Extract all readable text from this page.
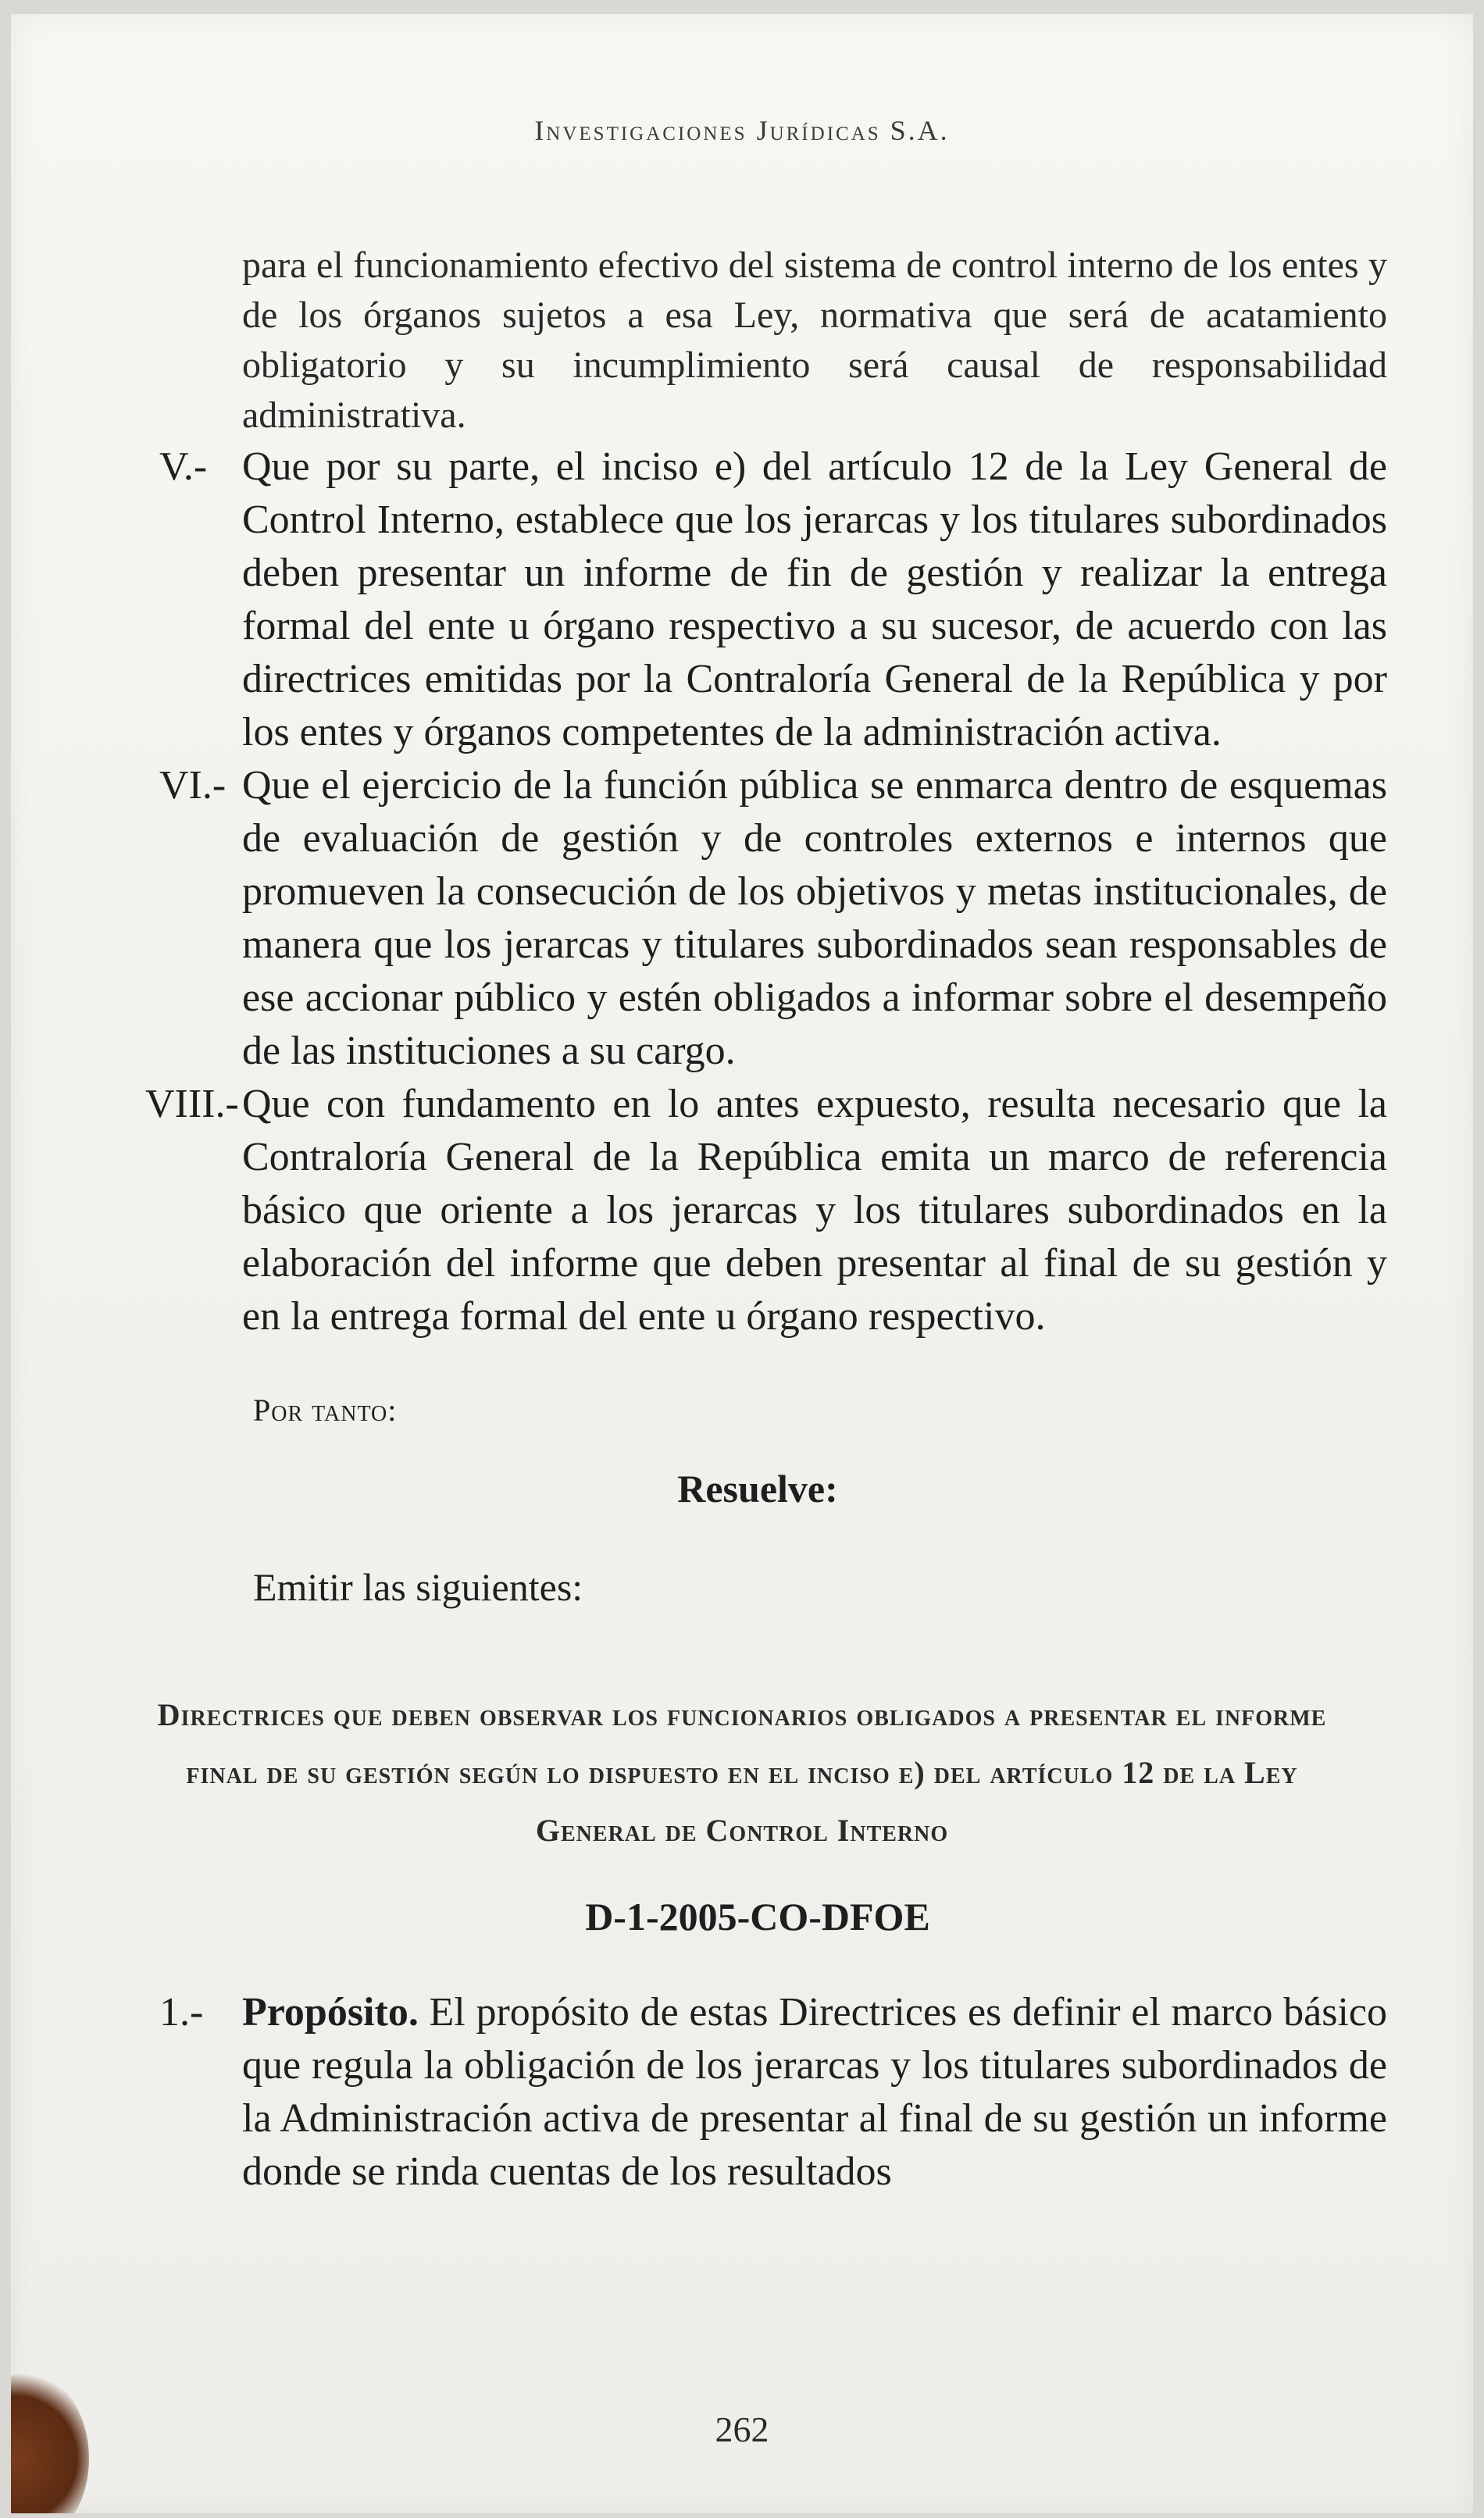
Investigaciones Jurídicas S.A.

para el funcionamiento efectivo del sistema de control interno de los entes y de los órganos sujetos a esa Ley, normativa que será de acatamiento obligatorio y su incumplimiento será causal de responsabilidad administrativa.

V.- Que por su parte, el inciso e) del artículo 12 de la Ley General de Control Interno, establece que los jerarcas y los titulares subordinados deben presentar un informe de fin de gestión y realizar la entrega formal del ente u órgano respectivo a su sucesor, de acuerdo con las directrices emitidas por la Contraloría General de la República y por los entes y órganos competentes de la administración activa.
VI.- Que el ejercicio de la función pública se enmarca dentro de esquemas de evaluación de gestión y de controles externos e internos que promueven la consecución de los objetivos y metas institucionales, de manera que los jerarcas y titulares subordinados sean responsables de ese accionar público y estén obligados a informar sobre el desempeño de las instituciones a su cargo.
VIII.- Que con fundamento en lo antes expuesto, resulta necesario que la Contraloría General de la República emita un marco de referencia básico que oriente a los jerarcas y los titulares subordinados en la elaboración del informe que deben presentar al final de su gestión y en la entrega formal del ente u órgano respectivo.
Por tanto:
Resuelve:
Emitir las siguientes:
Directrices que deben observar los funcionarios obligados a presentar el informe final de su gestión según lo dispuesto en el inciso e) del artículo 12 de la Ley General de Control Interno
D-1-2005-CO-DFOE
1.- Propósito. El propósito de estas Directrices es definir el marco básico que regula la obligación de los jerarcas y los titulares subordinados de la Administración activa de presentar al final de su gestión un informe donde se rinda cuentas de los resultados
262
